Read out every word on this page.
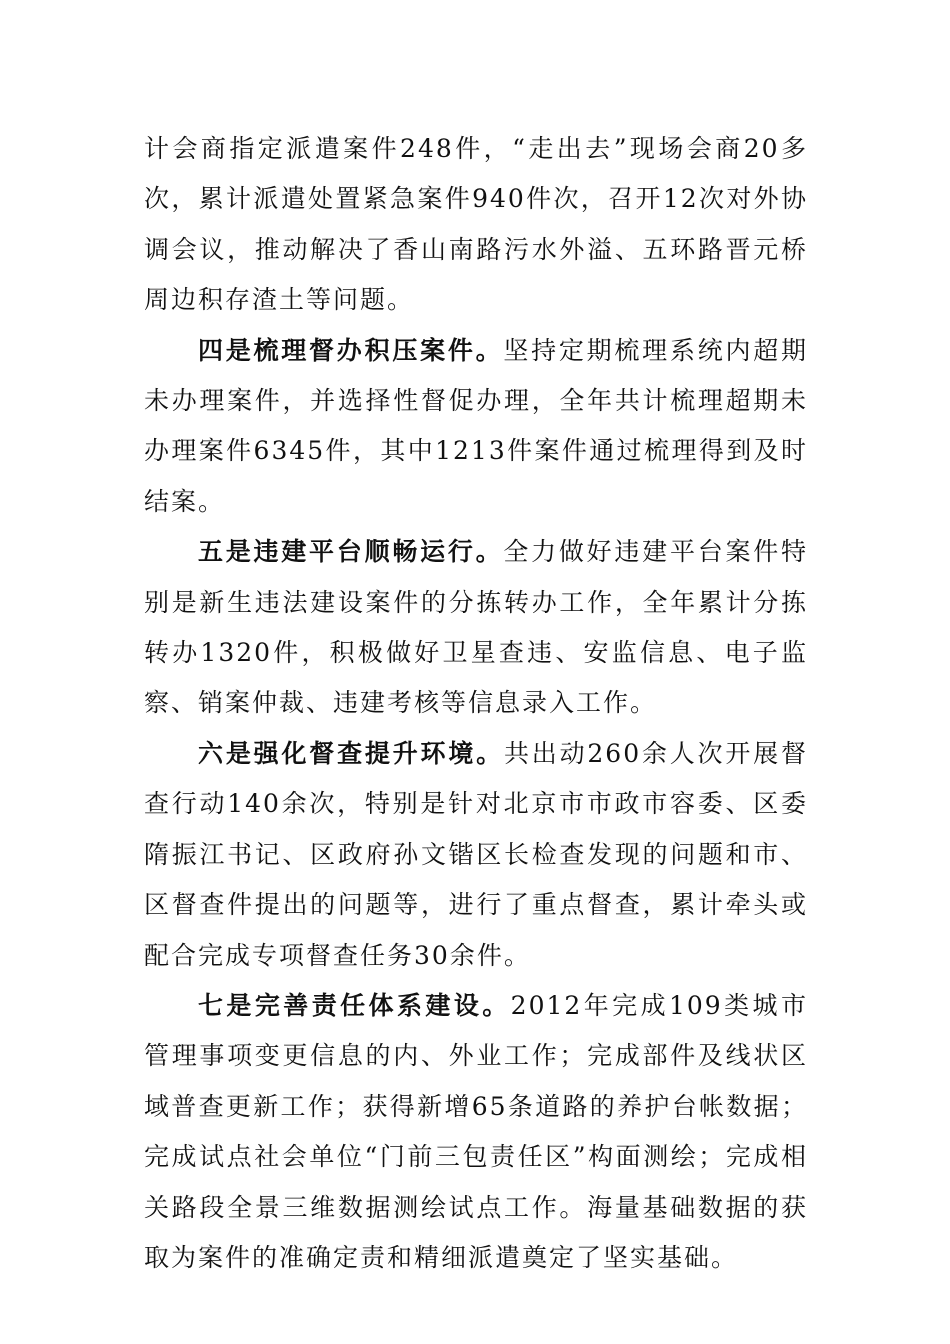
计会商指定派遣案件248件，“走出去”现场会商20多次，累计派遣处置紧急案件940件次，召开12次对外协调会议，推动解决了香山南路污水外溢、五环路晋元桥周边积存渣土等问题。

四是梳理督办积压案件。坚持定期梳理系统内超期未办理案件，并选择性督促办理，全年共计梳理超期未办理案件6345件，其中1213件案件通过梳理得到及时结案。

五是违建平台顺畅运行。全力做好违建平台案件特别是新生违法建设案件的分拣转办工作，全年累计分拣转办1320件，积极做好卫星查违、安监信息、电子监察、销案仲裁、违建考核等信息录入工作。

六是强化督查提升环境。共出动260余人次开展督查行动140余次，特别是针对北京市市政市容委、区委隋振江书记、区政府孙文锴区长检查发现的问题和市、区督查件提出的问题等，进行了重点督查，累计牵头或配合完成专项督查任务30余件。

七是完善责任体系建设。2012年完成109类城市管理事项变更信息的内、外业工作；完成部件及线状区域普查更新工作；获得新增65条道路的养护台帐数据；完成试点社会单位“门前三包责任区”构面测绘；完成相关路段全景三维数据测绘试点工作。海量基础数据的获取为案件的准确定责和精细派遣奠定了坚实基础。
